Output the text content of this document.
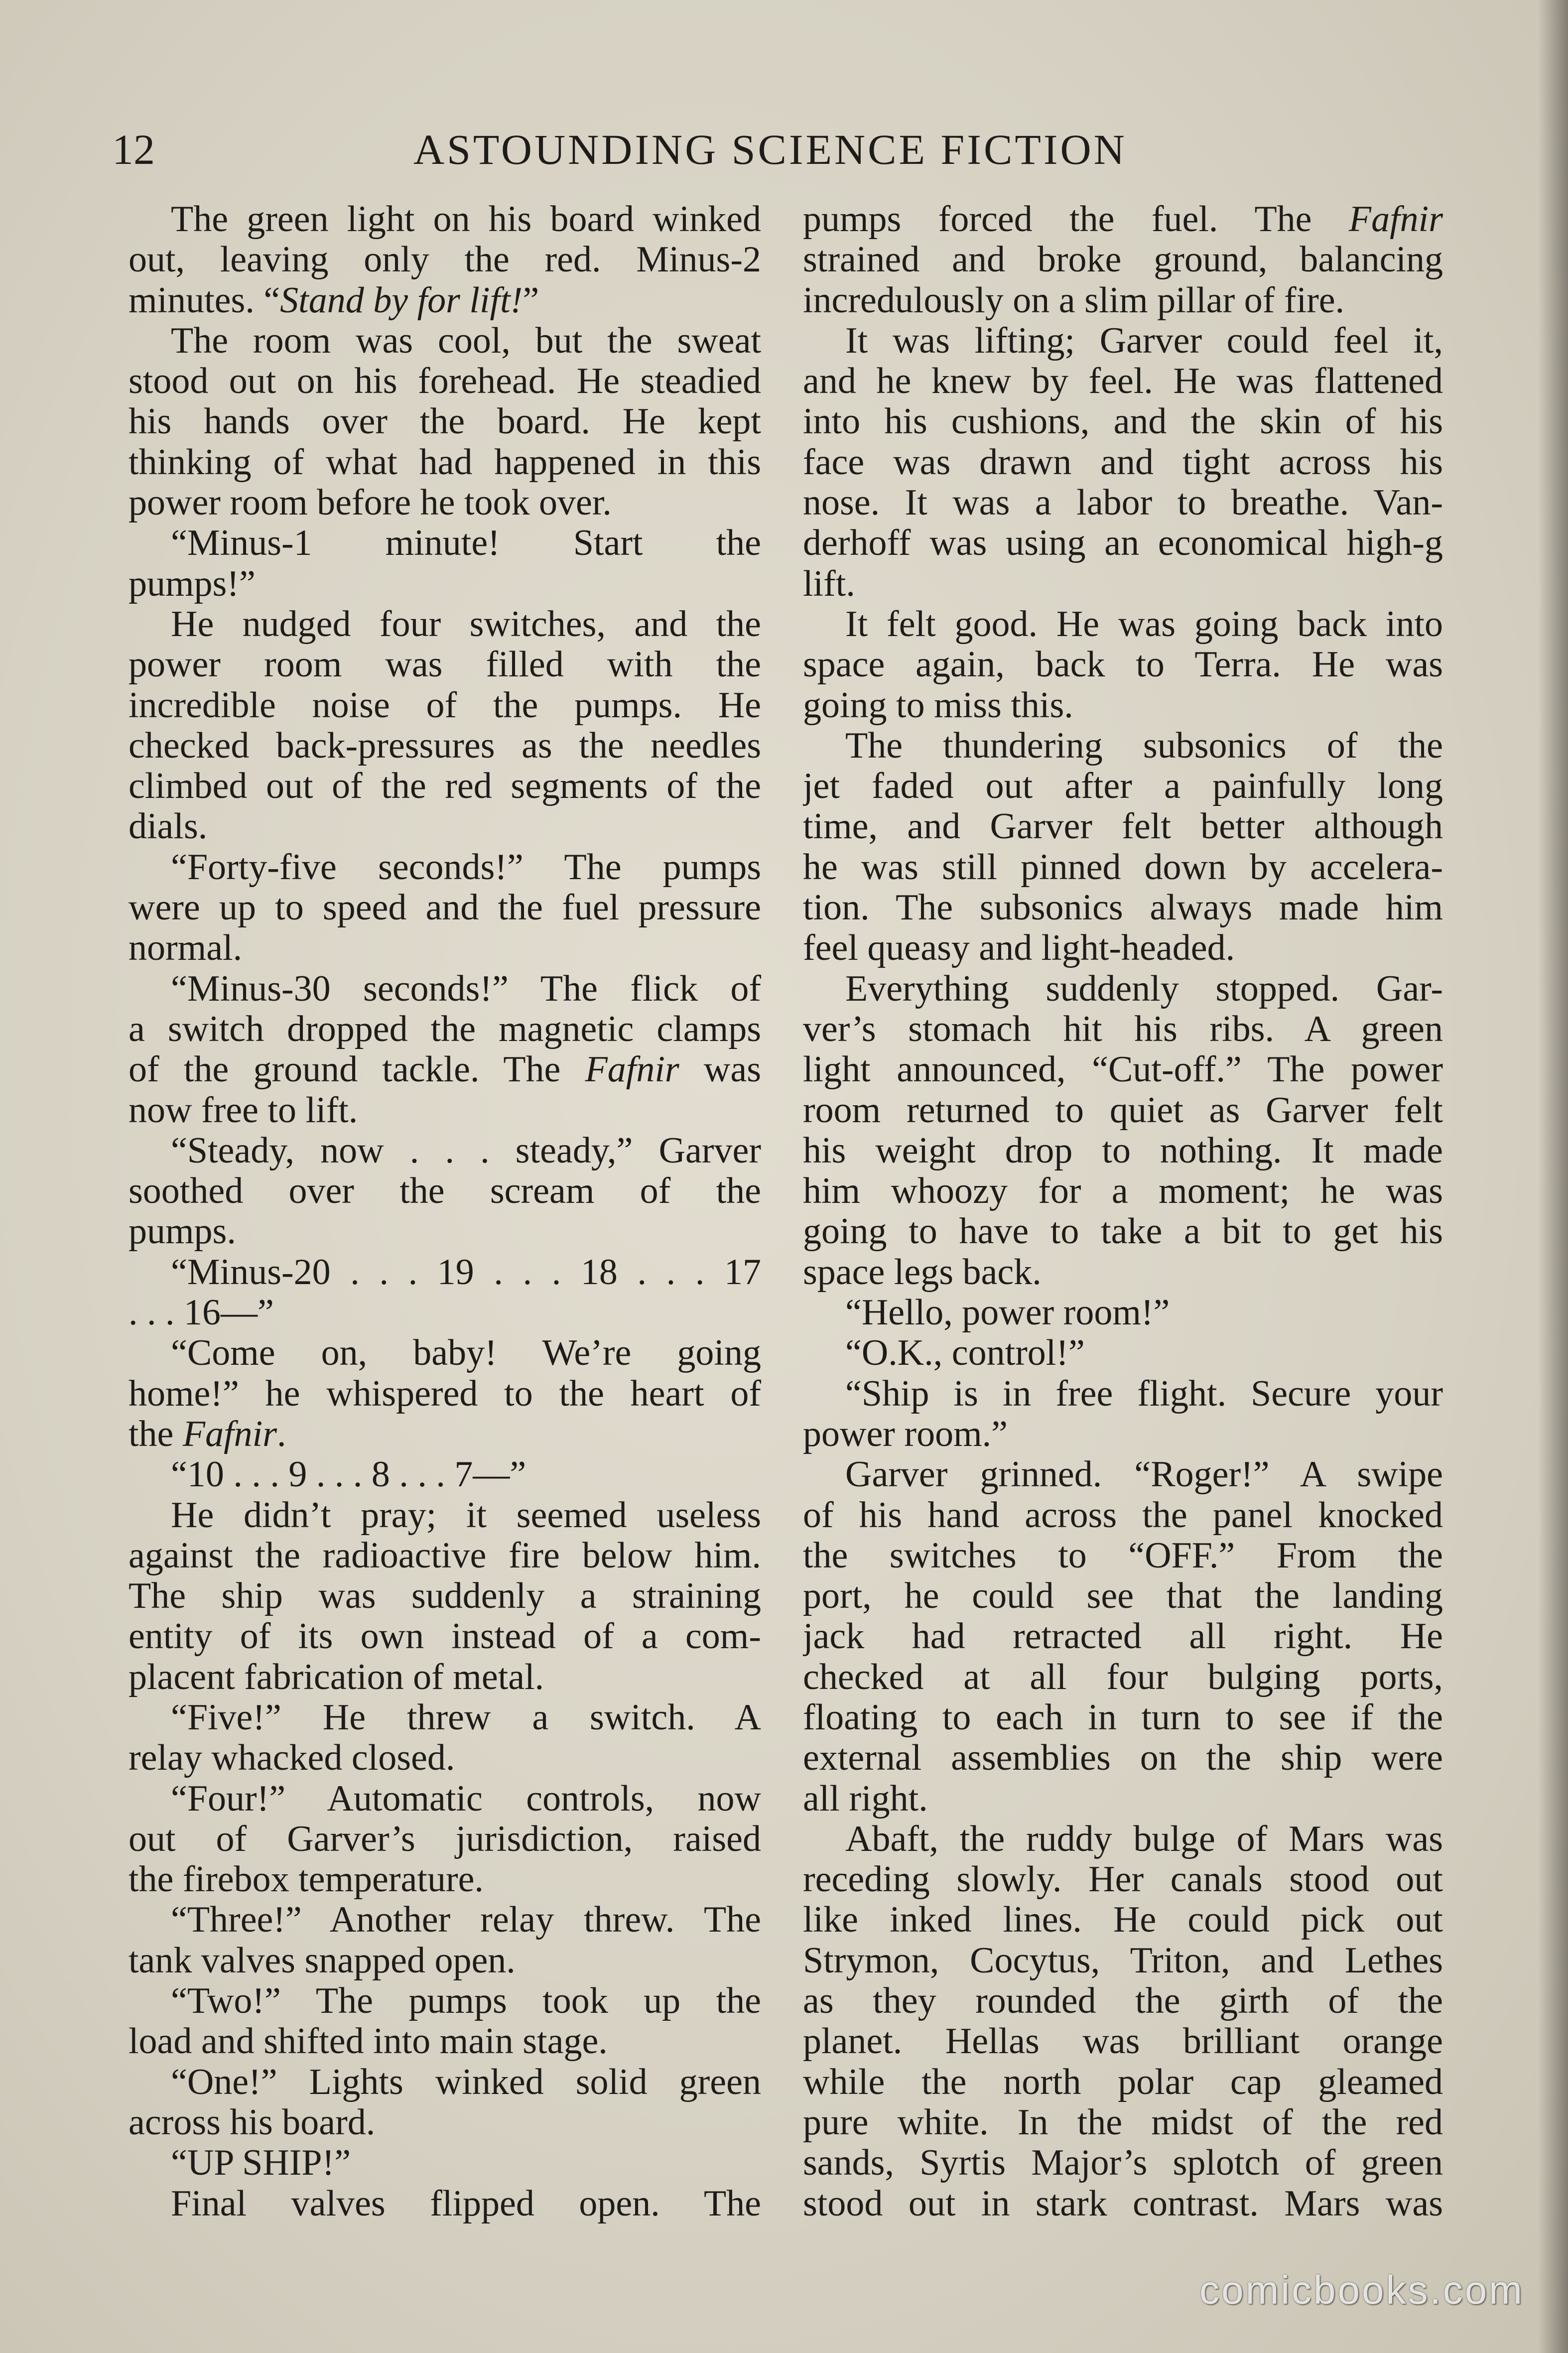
12	ASTOUNDING SCIENCE FICTION
The green light on his board winked
out, leaving only the red. Minus-2
minutes. “Stand by for lift!”
The room was cool, but the sweat
stood out on his forehead. He steadied
his hands over the board. He kept
thinking of what had happened in this
power room before he took over.
“Minus-1 minute! Start the
pumps!”
He nudged four switches, and the
power room was filled with the
incredible noise of the pumps. He
checked back-pressures as the needles
climbed out of the red segments of the
dials.
“Forty-five seconds!” The pumps
were up to speed and the fuel pressure
normal.
“Minus-30 seconds!” The flick of
a switch dropped the magnetic clamps
of the ground tackle. The Fafnir was
now free to lift.
“Steady, now . . . steady,” Garver
soothed over the scream of the
pumps.
“Minus-20 . . . 19 . . . 18 . . . 17
. . . 16—”
“Come on, baby! We’re going
home!” he whispered to the heart of
the Fafnir.
“10 . . . 9 . . . 8 . . . 7—”
He didn’t pray; it seemed useless
against the radioactive fire below him.
The ship was suddenly a straining
entity of its own instead of a com-
placent fabrication of metal.
“Five!” He threw a switch. A
relay whacked closed.
“Four!” Automatic controls, now
out of Garver’s jurisdiction, raised
the firebox temperature.
“Three!” Another relay threw. The
tank valves snapped open.
“Two!” The pumps took up the
load and shifted into main stage.
“One!” Lights winked solid green
across his board.
“UP SHIP!”
Final valves flipped open. The
pumps forced the fuel. The Fafnir
strained and broke ground, balancing
incredulously on a slim pillar of fire.
It was lifting; Garver could feel it,
and he knew by feel. He was flattened
into his cushions, and the skin of his
face was drawn and tight across his
nose. It was a labor to breathe. Van-
derhoff was using an economical high-g
lift.
It felt good. He was going back into
space again, back to Terra. He was
going to miss this.
The thundering subsonics of the
jet faded out after a painfully long
time, and Garver felt better although
he was still pinned down by accelera-
tion. The subsonics always made him
feel queasy and light-headed.
Everything suddenly stopped. Gar-
ver’s stomach hit his ribs. A green
light announced, “Cut-off.” The power
room returned to quiet as Garver felt
his weight drop to nothing. It made
him whoozy for a moment; he was
going to have to take a bit to get his
space legs back.
“Hello, power room!”
“O.K., control!”
“Ship is in free flight. Secure your
power room.”
Garver grinned. “Roger!” A swipe
of his hand across the panel knocked
the switches to “OFF.” From the
port, he could see that the landing
jack had retracted all right. He
checked at all four bulging ports,
floating to each in turn to see if the
external assemblies on the ship were
all right.
Abaft, the ruddy bulge of Mars was
receding slowly. Her canals stood out
like inked lines. He could pick out
Strymon, Cocytus, Triton, and Lethes
as they rounded the girth of the
planet. Hellas was brilliant orange
while the north polar cap gleamed
pure white. In the midst of the red
sands, Syrtis Major’s splotch of green
stood out in stark contrast. Mars was
comicbooks.com
